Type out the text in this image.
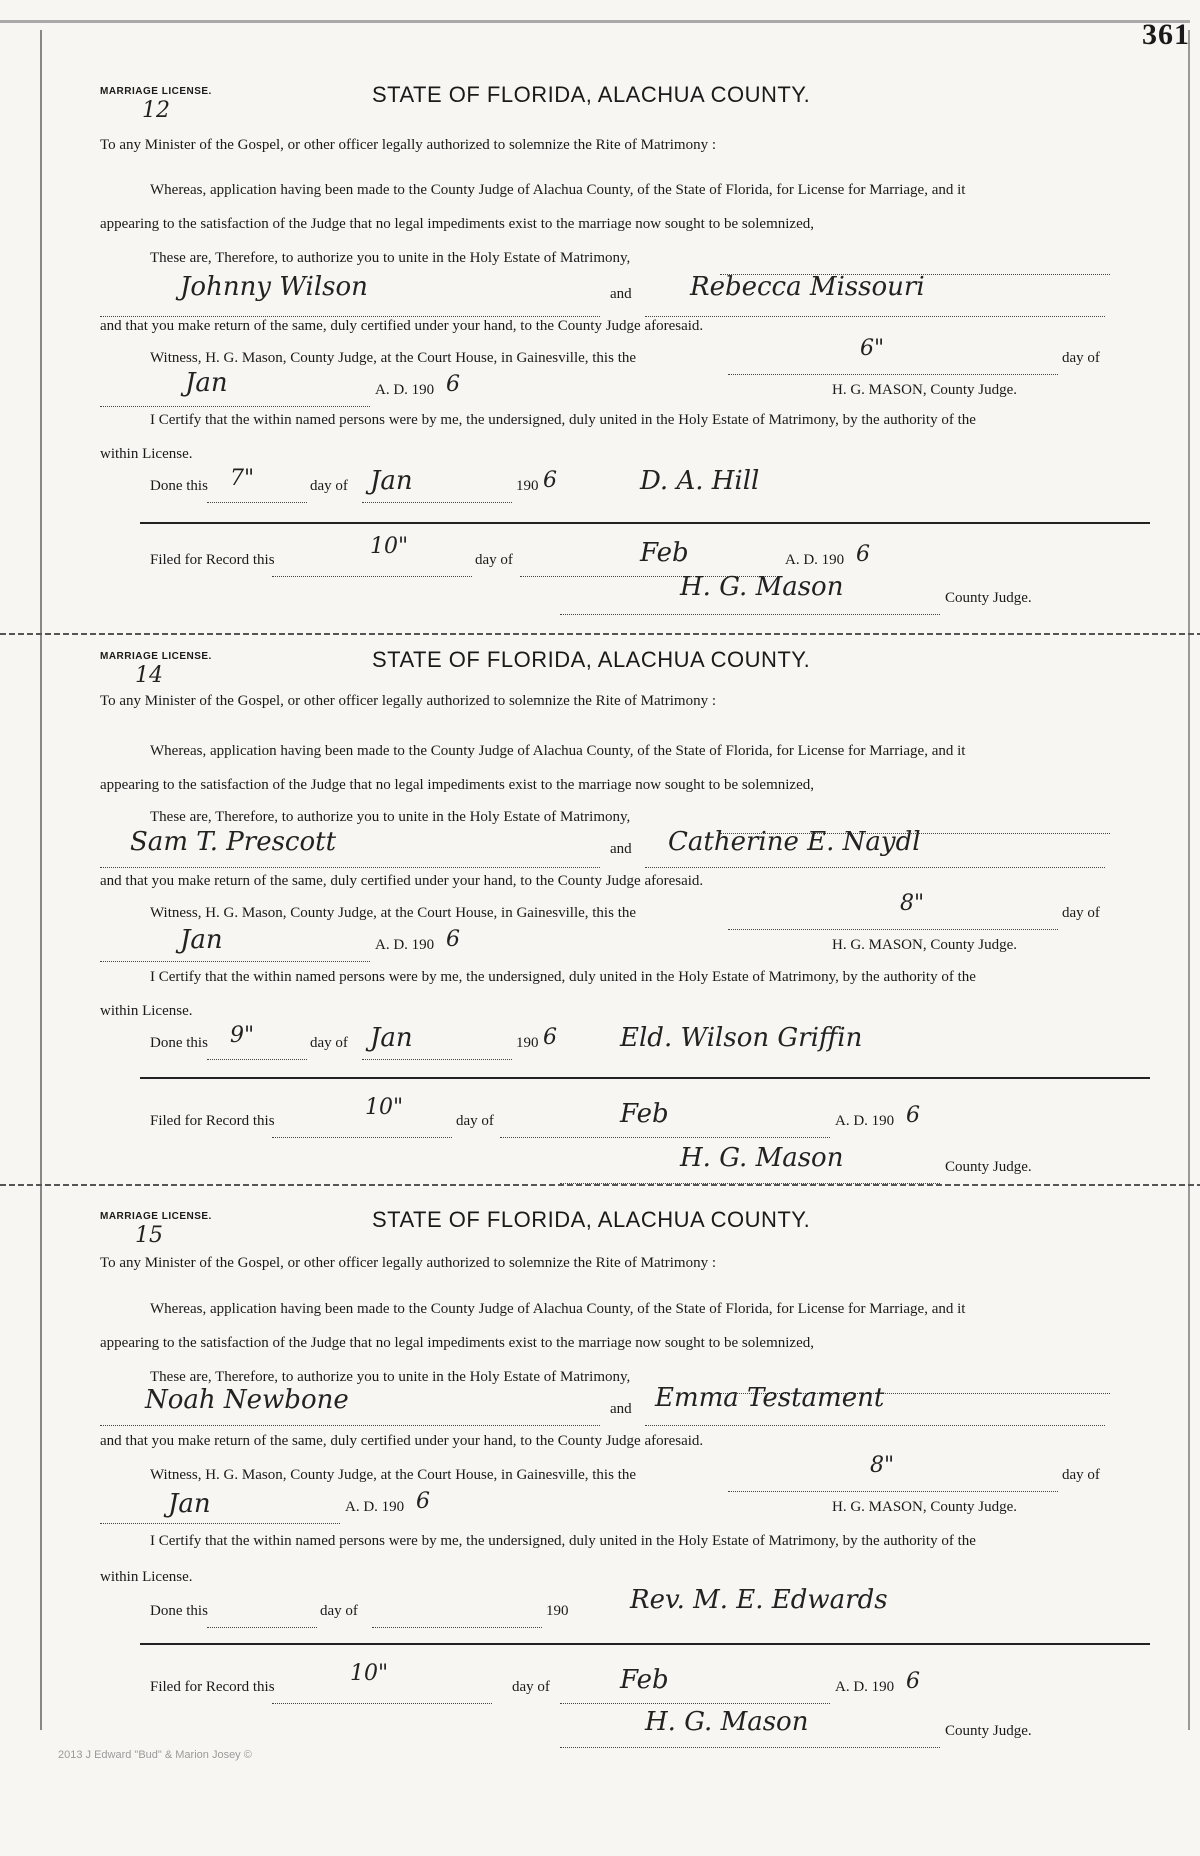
361
MARRIAGE LICENSE.	STATE OF FLORIDA, ALACHUA COUNTY.
12
To any Minister of the Gospel, or other officer legally authorized to solemnize the Rite of Matrimony :
Whereas, application having been made to the County Judge of Alachua County, of the State of Florida, for License for Marriage, and it
appearing to the satisfaction of the Judge that no legal impediments exist to the marriage now sought to be solemnized,
These are, Therefore, to authorize you to unite in the Holy Estate of Matrimony,
Johnny Wilson	and Rebecca Missouri
and that you make return of the same, duly certified under your hand, to the County Judge aforesaid.
Witness, H. G. Mason, County Judge, at the Court House, in Gainesville, this the	6"	day of
Jan	A. D. 190 6	H. G. MASON, County Judge.
I Certify that the within named persons were by me, the undersigned, duly united in the Holy Estate of Matrimony, by the authority of the
within License.
Done this 7"	day of Jan	190 6	D. A. Hill
Filed for Record this
10"
day of	Feb	A. D. 190 6
H. G. Mason	County Judge.
MARRIAGE LICENSE.	STATE OF FLORIDA, ALACHUA COUNTY.
14
To any Minister of the Gospel, or other officer legally authorized to solemnize the Rite of Matrimony :
Whereas, application having been made to the County Judge of Alachua County, of the State of Florida, for License for Marriage, and it
appearing to the satisfaction of the Judge that no legal impediments exist to the marriage now sought to be solemnized,
These are, Therefore, to authorize you to unite in the Holy Estate of Matrimony,
Sam T. Prescott	and Catherine E. Naydl
and that you make return of the same, duly certified under your hand, to the County Judge aforesaid.
Witness, H. G. Mason, County Judge, at the Court House, in Gainesville, this the	8"	day of
Jan	A. D. 190 6	H. G. MASON, County Judge.
I Certify that the within named persons were by me, the undersigned, duly united in the Holy Estate of Matrimony, by the authority of the
within License.
Done this 9"	day of Jan	190 6 Eld. Wilson Griffin
Filed for Record this
10"
day of	Feb	A. D. 190 6
H. G. Mason	County Judge.
MARRIAGE LICENSE.	STATE OF FLORIDA, ALACHUA COUNTY.
15
To any Minister of the Gospel, or other officer legally authorized to solemnize the Rite of Matrimony :
Whereas, application having been made to the County Judge of Alachua County, of the State of Florida, for License for Marriage, and it
appearing to the satisfaction of the Judge that no legal impediments exist to the marriage now sought to be solemnized,
These are, Therefore, to authorize you to unite in the Holy Estate of Matrimony,
Noah Newbone	and Emma Testament
and that you make return of the same, duly certified under your hand, to the County Judge aforesaid.
Witness, H. G. Mason, County Judge, at the Court House, in Gainesville, this the	8"	day of
Jan	A. D. 190 6	H. G. MASON, County Judge.
I Certify that the within named persons were by me, the undersigned, duly united in the Holy Estate of Matrimony, by the authority of the
within License.
Done this	day of	190 Rev. M. E. Edwards
Filed for Record this
10"
day of	Feb	A. D. 190 6
H. G. Mason	County Judge.
2013 J Edward "Bud" & Marion Josey ©
